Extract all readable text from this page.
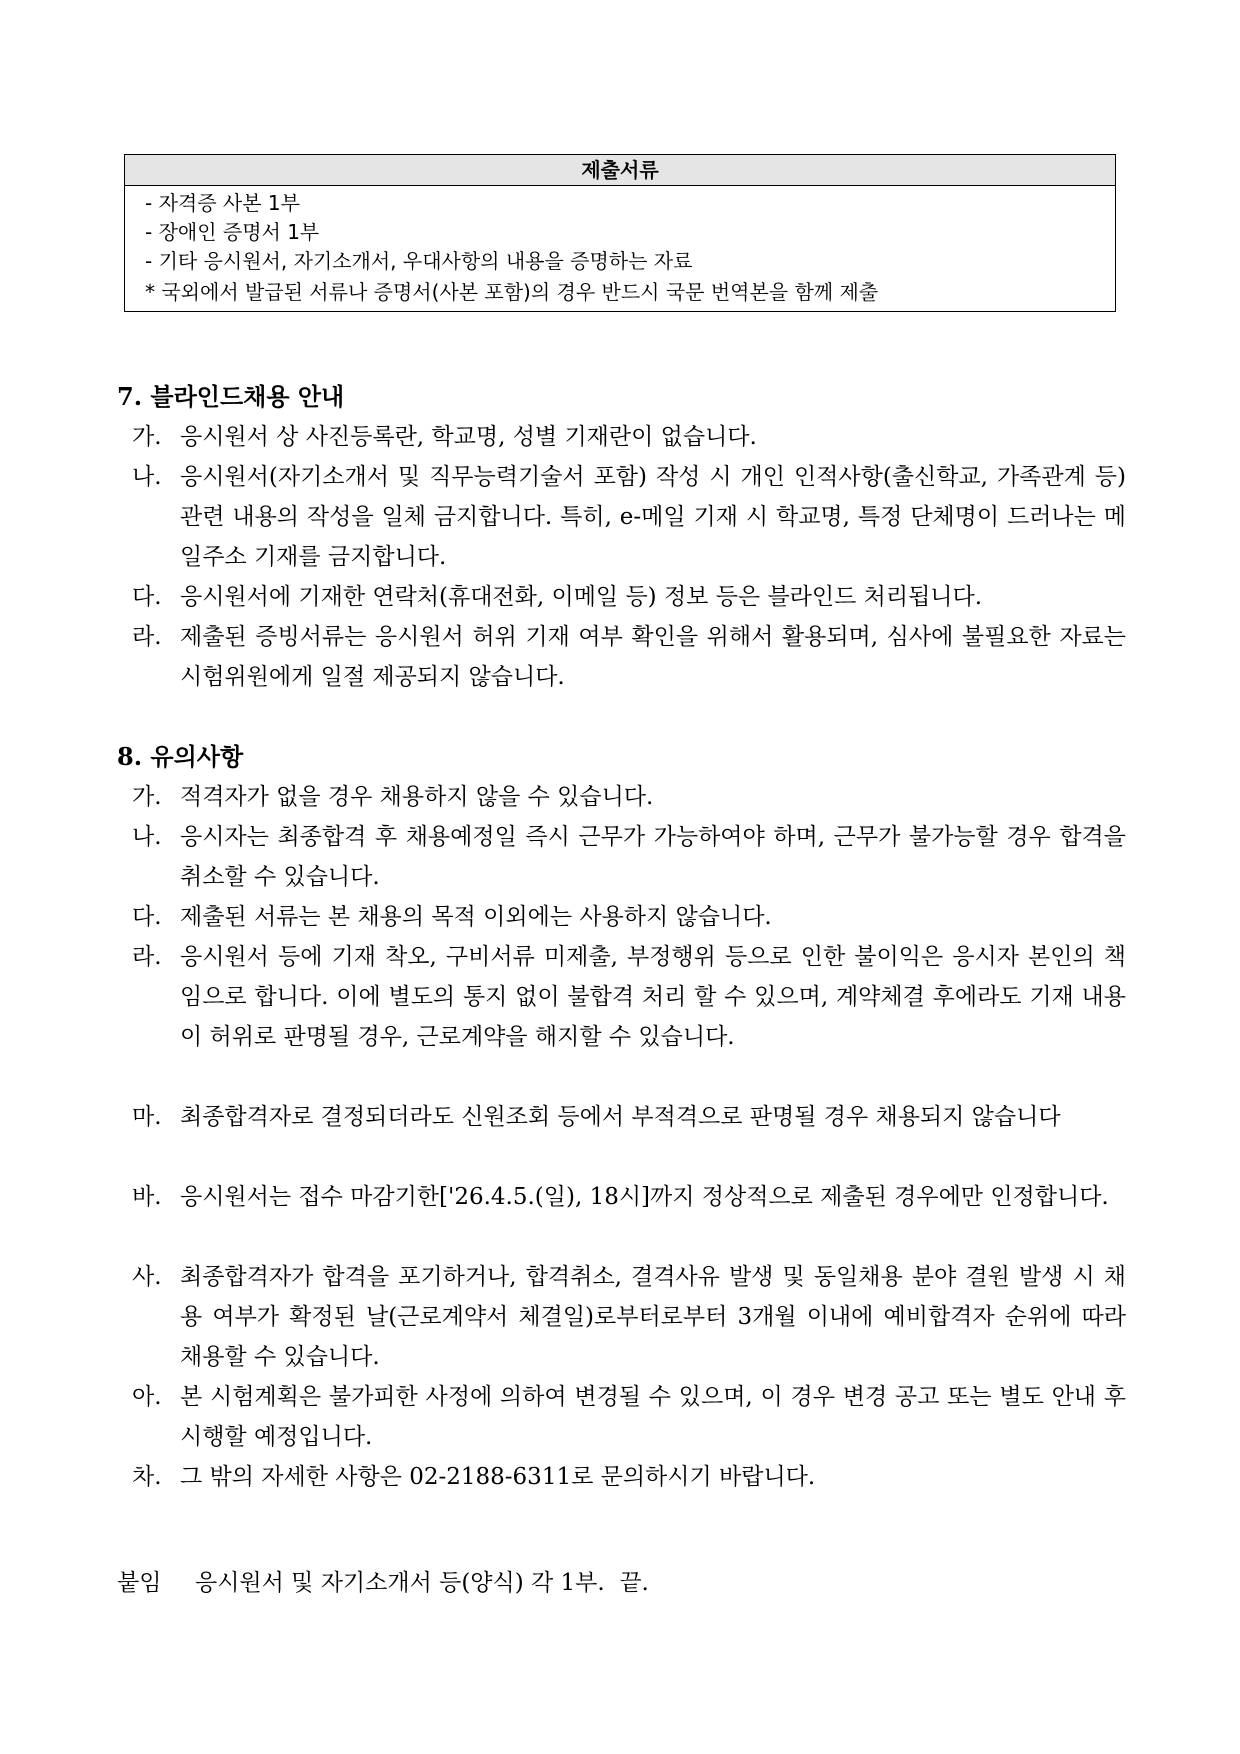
제출서류
- 자격증 사본 1부
- 장애인 증명서 1부
- 기타 응시원서, 자기소개서, 우대사항의 내용을 증명하는 자료
* 국외에서 발급된 서류나 증명서(사본 포함)의 경우 반드시 국문 번역본을 함께 제출
7. 블라인드채용 안내
가. 응시원서 상 사진등록란, 학교명, 성별 기재란이 없습니다.
나. 응시원서(자기소개서 및 직무능력기술서 포함) 작성 시 개인 인적사항(출신학교, 가족관계 등) 관련 내용의 작성을 일체 금지합니다. 특히, e-메일 기재 시 학교명, 특정 단체명이 드러나는 메일주소 기재를 금지합니다.
다. 응시원서에 기재한 연락처(휴대전화, 이메일 등) 정보 등은 블라인드 처리됩니다.
라. 제출된 증빙서류는 응시원서 허위 기재 여부 확인을 위해서 활용되며, 심사에 불필요한 자료는 시험위원에게 일절 제공되지 않습니다.
8. 유의사항
가. 적격자가 없을 경우 채용하지 않을 수 있습니다.
나. 응시자는 최종합격 후 채용예정일 즉시 근무가 가능하여야 하며, 근무가 불가능할 경우 합격을 취소할 수 있습니다.
다. 제출된 서류는 본 채용의 목적 이외에는 사용하지 않습니다.
라. 응시원서 등에 기재 착오, 구비서류 미제출, 부정행위 등으로 인한 불이익은 응시자 본인의 책임으로 합니다. 이에 별도의 통지 없이 불합격 처리 할 수 있으며, 계약체결 후에라도 기재 내용이 허위로 판명될 경우, 근로계약을 해지할 수 있습니다.
마. 최종합격자로 결정되더라도 신원조회 등에서 부적격으로 판명될 경우 채용되지 않습니다
바. 응시원서는 접수 마감기한['26.4.5.(일), 18시]까지 정상적으로 제출된 경우에만 인정합니다.
사. 최종합격자가 합격을 포기하거나, 합격취소, 결격사유 발생 및 동일채용 분야 결원 발생 시 채용 여부가 확정된 날(근로계약서 체결일)로부터로부터 3개월 이내에 예비합격자 순위에 따라 채용할 수 있습니다.
아. 본 시험계획은 불가피한 사정에 의하여 변경될 수 있으며, 이 경우 변경 공고 또는 별도 안내 후 시행할 예정입니다.
차. 그 밖의 자세한 사항은 02-2188-6311로 문의하시기 바랍니다.
붙임	응시원서 및 자기소개서 등(양식) 각 1부.  끝.
